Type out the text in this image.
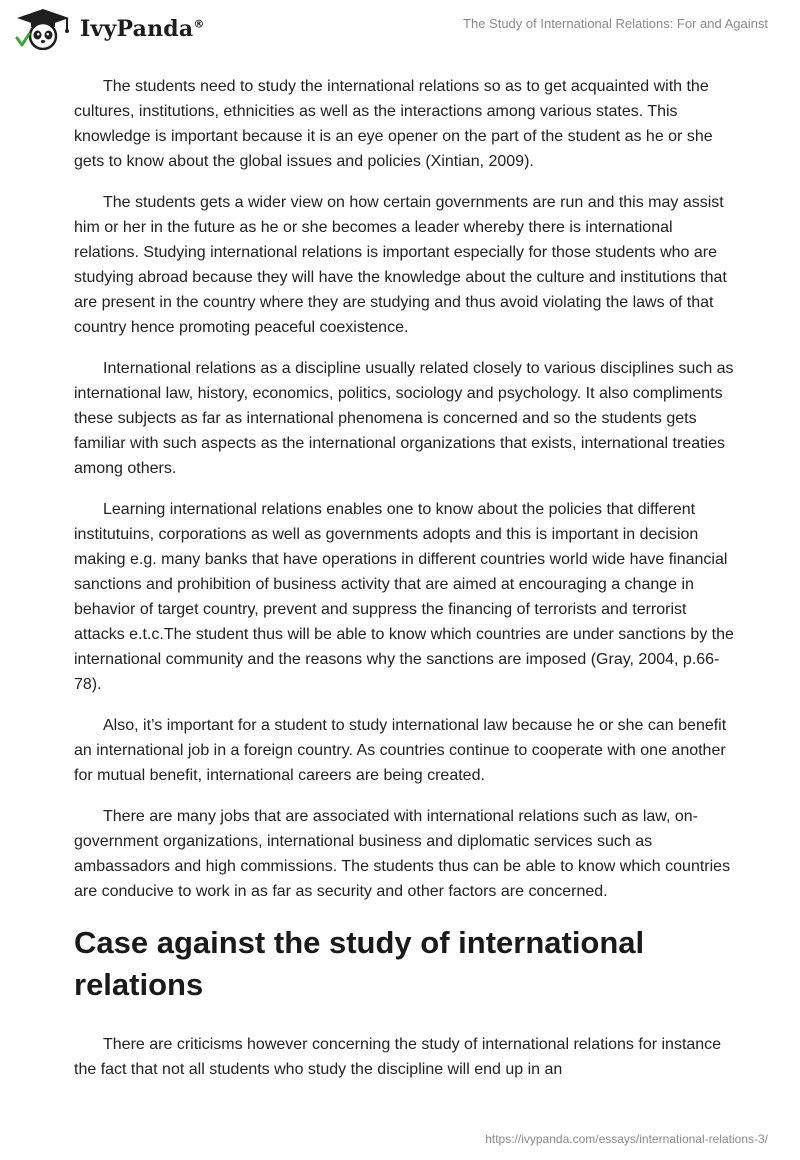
IvyPanda®	The Study of International Relations: For and Against

The students need to study the international relations so as to get acquainted with the cultures, institutions, ethnicities as well as the interactions among various states. This knowledge is important because it is an eye opener on the part of the student as he or she gets to know about the global issues and policies (Xintian, 2009).

The students gets a wider view on how certain governments are run and this may assist him or her in the future as he or she becomes a leader whereby there is international relations. Studying international relations is important especially for those students who are studying abroad because they will have the knowledge about the culture and institutions that are present in the country where they are studying and thus avoid violating the laws of that country hence promoting peaceful coexistence.

International relations as a discipline usually related closely to various disciplines such as international law, history, economics, politics, sociology and psychology. It also compliments these subjects as far as international phenomena is concerned and so the students gets familiar with such aspects as the international organizations that exists, international treaties among others.

Learning international relations enables one to know about the policies that different institutuins, corporations as well as governments adopts and this is important in decision making e.g. many banks that have operations in different countries world wide have financial sanctions and prohibition of business activity that are aimed at encouraging a change in behavior of target country, prevent and suppress the financing of terrorists and terrorist attacks e.t.c.The student thus will be able to know which countries are under sanctions by the international community and the reasons why the sanctions are imposed (Gray, 2004, p.66-78).

Also, it’s important for a student to study international law because he or she can benefit an international job in a foreign country. As countries continue to cooperate with one another for mutual benefit, international careers are being created.

There are many jobs that are associated with international relations such as law, on-government organizations, international business and diplomatic services such as ambassadors and high commissions. The students thus can be able to know which countries are conducive to work in as far as security and other factors are concerned.

Case against the study of international relations

There are criticisms however concerning the study of international relations for instance the fact that not all students who study the discipline will end up in an

https://ivypanda.com/essays/international-relations-3/
